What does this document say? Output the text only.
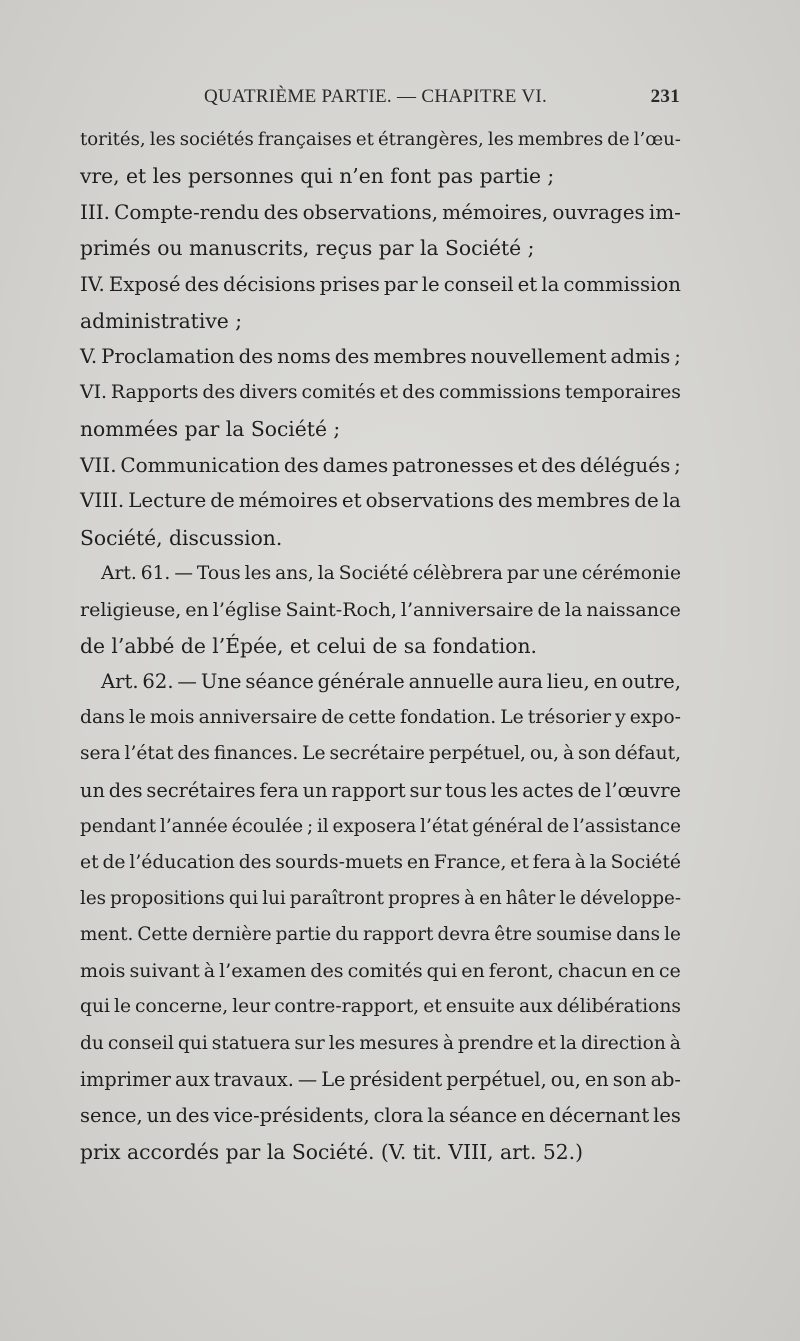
QUATRIÈME PARTIE. — CHAPITRE VI.	231
torités, les sociétés françaises et étrangères, les membres de l’œu-
vre, et les personnes qui n’en font pas partie ;
III. Compte-rendu des observations, mémoires, ouvrages im-
primés ou manuscrits, reçus par la Société ;
IV. Exposé des décisions prises par le conseil et la commission
administrative ;
V. Proclamation des noms des membres nouvellement admis ;
VI. Rapports des divers comités et des commissions temporaires
nommées par la Société ;
VII. Communication des dames patronesses et des délégués ;
VIII. Lecture de mémoires et observations des membres de la
Société, discussion.
Art. 61. — Tous les ans, la Société célèbrera par une cérémonie
religieuse, en l’église Saint-Roch, l’anniversaire de la naissance
de l’abbé de l’Épée, et celui de sa fondation.
Art. 62. — Une séance générale annuelle aura lieu, en outre,
dans le mois anniversaire de cette fondation. Le trésorier y expo-
sera l’état des finances. Le secrétaire perpétuel, ou, à son défaut,
un des secrétaires fera un rapport sur tous les actes de l’œuvre
pendant l’année écoulée ; il exposera l’état général de l’assistance
et de l’éducation des sourds-muets en France, et fera à la Société
les propositions qui lui paraîtront propres à en hâter le développe-
ment. Cette dernière partie du rapport devra être soumise dans le
mois suivant à l’examen des comités qui en feront, chacun en ce
qui le concerne, leur contre-rapport, et ensuite aux délibérations
du conseil qui statuera sur les mesures à prendre et la direction à
imprimer aux travaux. — Le président perpétuel, ou, en son ab-
sence, un des vice-présidents, clora la séance en décernant les
prix accordés par la Société. (V. tit. VIII, art. 52.)
